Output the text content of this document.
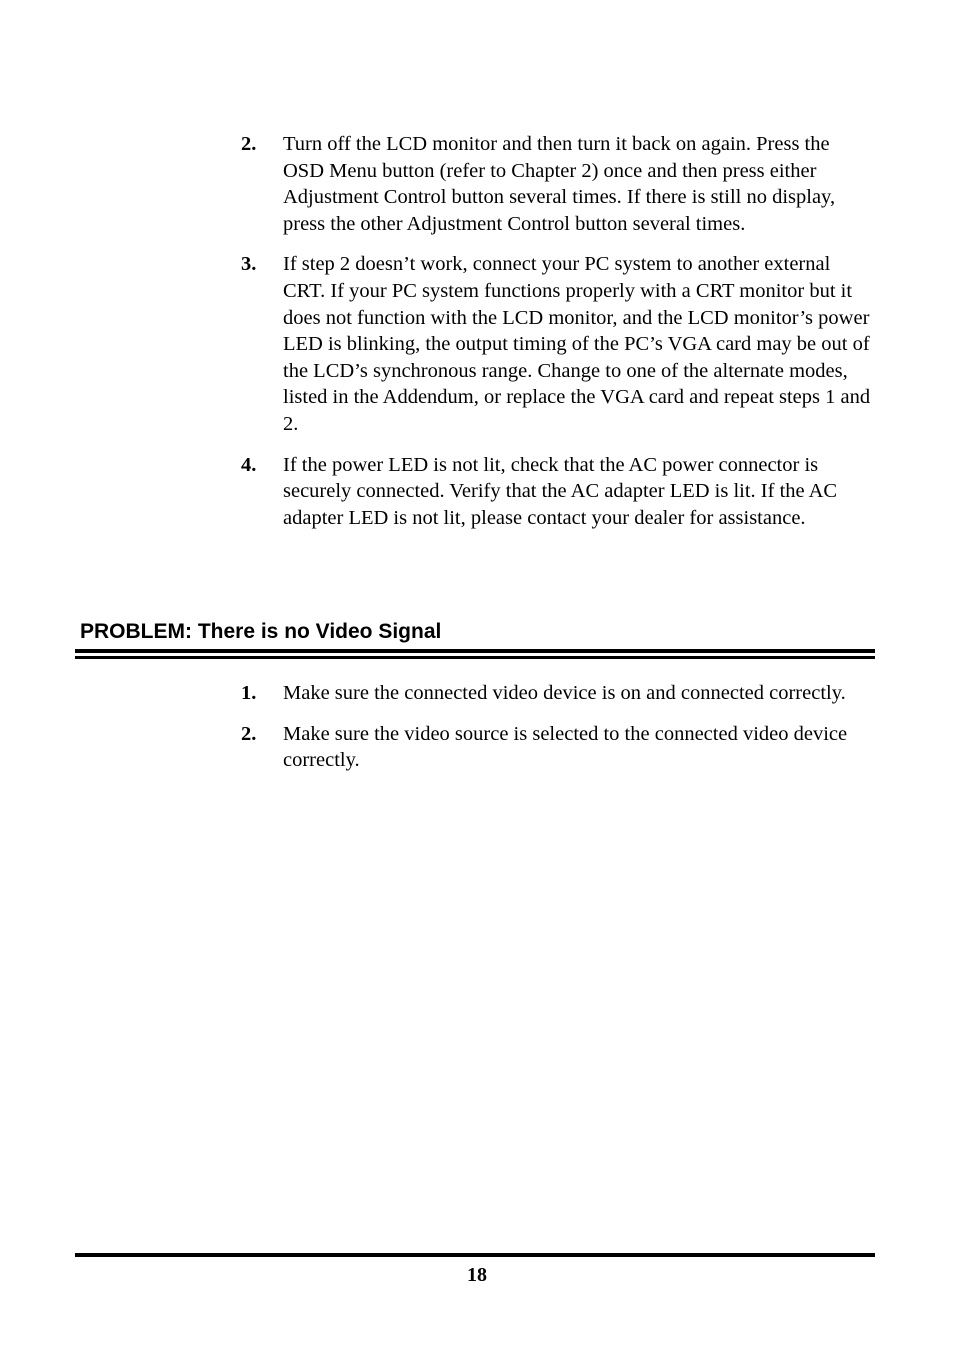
2. Turn off the LCD monitor and then turn it back on again. Press the OSD Menu button (refer to Chapter 2) once and then press either Adjustment Control button several times. If there is still no display, press the other Adjustment Control button several times.
3. If step 2 doesn’t work, connect your PC system to another external CRT. If your PC system functions properly with a CRT monitor but it does not function with the LCD monitor, and the LCD monitor’s power LED is blinking, the output timing of the PC’s VGA card may be out of the LCD’s synchronous range. Change to one of the alternate modes, listed in the Addendum, or replace the VGA card and repeat steps 1 and 2.
4. If the power LED is not lit, check that the AC power connector is securely connected. Verify that the AC adapter LED is lit. If the AC adapter LED is not lit, please contact your dealer for assistance.
PROBLEM: There is no Video Signal
1. Make sure the connected video device is on and connected correctly.
2. Make sure the video source is selected to the connected video device correctly.
18
